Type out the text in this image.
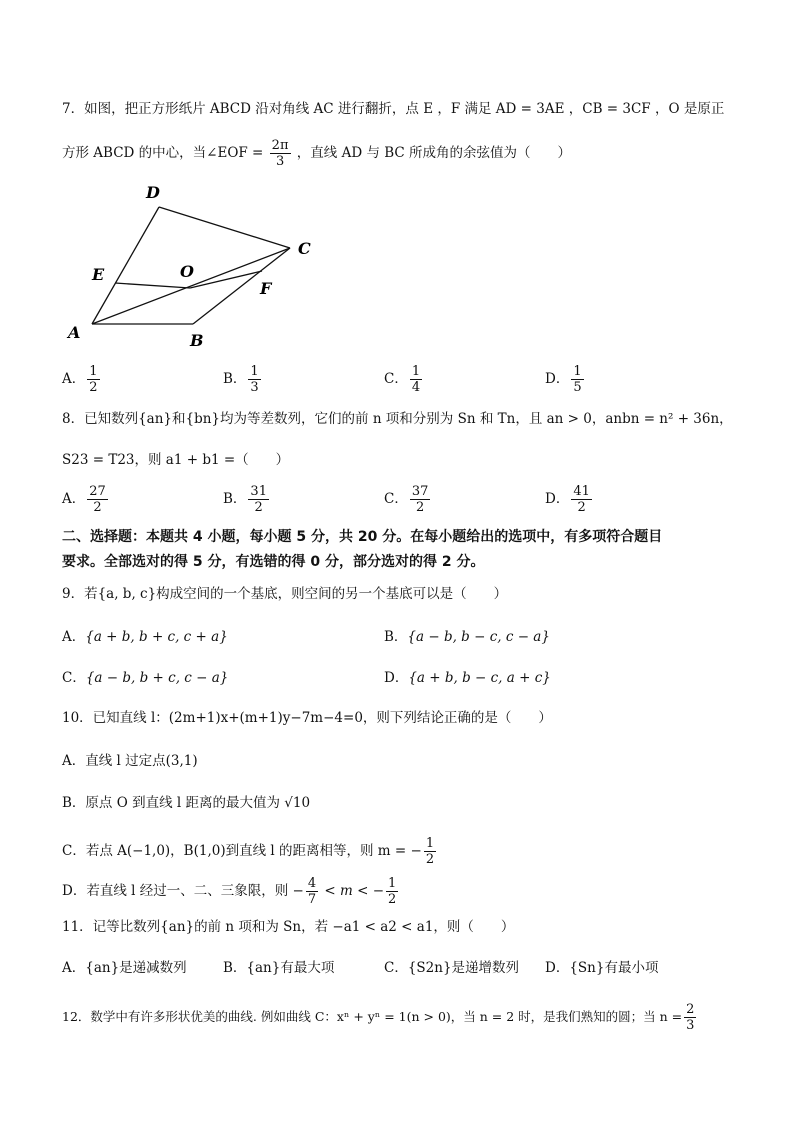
7．如图，把正方形纸片 ABCD 沿对角线 AC 进行翻折，点 E ，F 满足 AD = 3AE ，CB = 3CF ，O 是原正
方形 ABCD 的中心，当∠EOF = $\frac{2\pi}{3}$ ，直线 AD 与 BC 所成角的余弦值为（　　）
D
C
E	O
F
A	B
A． $\frac{1}{2}$	B． $\frac{1}{3}$	C． $\frac{1}{4}$	D． $\frac{1}{5}$
8．已知数列{an}和{bn}均为等差数列，它们的前 n 项和分别为 Sn 和 Tn，且 an > 0，anbn = n² + 36n，
S23 = T23，则 a1 + b1 =（　　）
A． $\frac{27}{2}$	B． $\frac{31}{2}$	C． $\frac{37}{2}$	D． $\frac{41}{2}$
二、选择题：本题共 4 小题，每小题 5 分，共 20 分。在每小题给出的选项中，有多项符合题目
要求。全部选对的得 5 分，有选错的得 0 分，部分选对的得 2 分。
9．若{a, b, c}构成空间的一个基底，则空间的另一个基底可以是（　　）
A．{a + b, b + c, c + a}	B．{a − b, b − c, c − a}
C．{a − b, b + c, c − a}	D．{a + b, b − c, a + c}
10．已知直线 l：(2m+1)x+(m+1)y−7m−4=0，则下列结论正确的是（　　）
A．直线 l 过定点(3,1)
B．原点 O 到直线 l 距离的最大值为 √10
C．若点 A(−1,0)，B(1,0)到直线 l 的距离相等，则 m = − $\frac{1}{2}$
D．若直线 l 经过一、二、三象限，则 − $\frac{4}{7} < m$ < − $\frac{1}{2}$
11．记等比数列{an}的前 n 项和为 Sn，若 −a1 < a2 < a1，则（　　）
A．{an}是递减数列	B．{an}有最大项	C．{S2n}是递增数列 D．{Sn}有最小项
12．数学中有许多形状优美的曲线. 例如曲线 C：xⁿ + yⁿ = 1(n > 0)，当 n = 2 时，是我们熟知的圆；当 $n = \frac{2}{3}$
